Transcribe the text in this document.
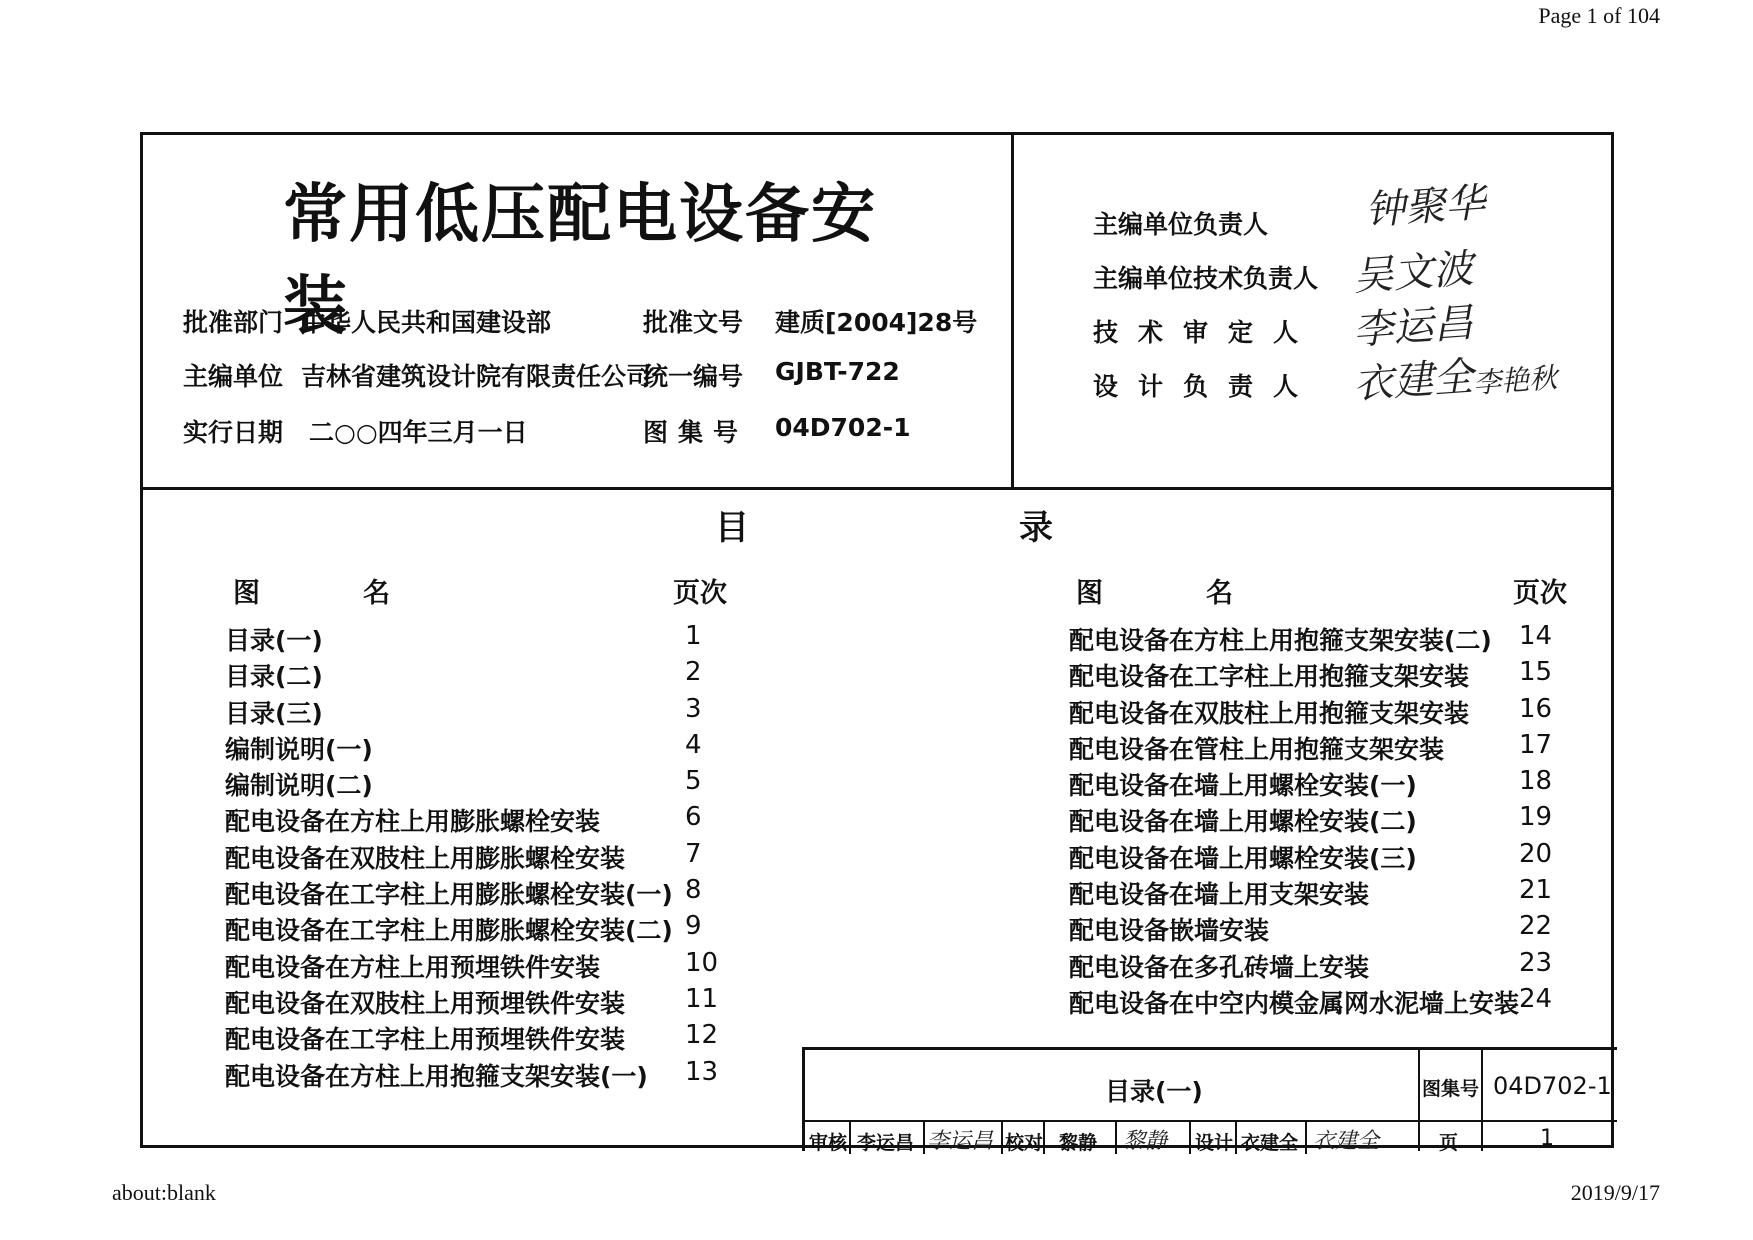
Page 1 of 104
常用低压配电设备安装
批准部门 中华人民共和国建设部	批准文号 建质[2004]28号
主编单位 吉林省建筑设计院有限责任公司
统一编号 GJBT-722
实行日期 二○○四年三月一日	图集号 04D702-1
主编单位负责人 钟聚华
主编单位技术负责人 吴文波
技术审定人 李运昌
设计负责人 衣建全
李艳秋
目	录
图	名	页次	图	名	页次
目录(一)	1
目录(二)	2
目录(三)	3
编制说明(一)	4
编制说明(二)	5
配电设备在方柱上用膨胀螺栓安装	6
配电设备在双肢柱上用膨胀螺栓安装 7
配电设备在工字柱上用膨胀螺栓安装(一) 8
配电设备在工字柱上用膨胀螺栓安装(二) 9
配电设备在方柱上用预埋铁件安装	10
配电设备在双肢柱上用预埋铁件安装 11
配电设备在工字柱上用预埋铁件安装 12
配电设备在方柱上用抱箍支架安装(一) 13
配电设备在方柱上用抱箍支架安装(二) 14
配电设备在工字柱上用抱箍支架安装 15
配电设备在双肢柱上用抱箍支架安装 16
配电设备在管柱上用抱箍支架安装	17
配电设备在墙上用螺栓安装(一)	18
配电设备在墙上用螺栓安装(二)	19
配电设备在墙上用螺栓安装(三)	20
配电设备在墙上用支架安装	21
配电设备嵌墙安装	22
配电设备在多孔砖墙上安装	23
配电设备在中空内模金属网水泥墙上安装 24
目录(一)	图集号 04D702-1
审核 李运昌 李运昌 校对 黎静 黎静 设计 衣建全 衣建全	页	1
about:blank	2019/9/17
